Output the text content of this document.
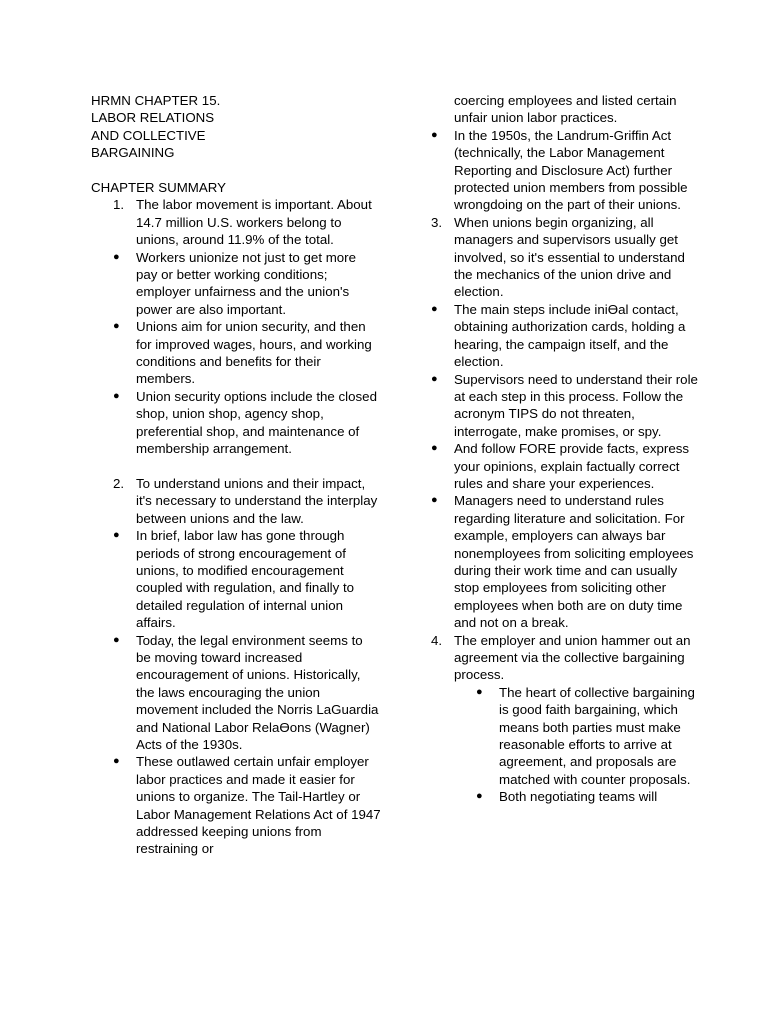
HRMN CHAPTER 15.
LABOR RELATIONS
AND COLLECTIVE
BARGAINING

CHAPTER SUMMARY

1. The labor movement is important. About 14.7 million U.S. workers belong to unions, around 11.9% of the total.
● Workers unionize not just to get more pay or better working conditions; employer unfairness and the union's power are also important.
● Unions aim for union security, and then for improved wages, hours, and working conditions and benefits for their members.
● Union security options include the closed shop, union shop, agency shop, preferential shop, and maintenance of membership arrangement.
2. To understand unions and their impact, it's necessary to understand the interplay between unions and the law.
● In brief, labor law has gone through periods of strong encouragement of unions, to modified encouragement coupled with regulation, and finally to detailed regulation of internal union affairs.
● Today, the legal environment seems to be moving toward increased encouragement of unions. Historically, the laws encouraging the union movement included the Norris LaGuardia and National Labor RelaƟons (Wagner) Acts of the 1930s.
● These outlawed certain unfair employer labor practices and made it easier for unions to organize. The Tail-Hartley or Labor Management Relations Act of 1947 addressed keeping unions from restraining or

coercing employees and listed certain unfair union labor practices.

● In the 1950s, the Landrum-Griffin Act (technically, the Labor Management Reporting and Disclosure Act) further protected union members from possible wrongdoing on the part of their unions.
3. When unions begin organizing, all managers and supervisors usually get involved, so it's essential to understand the mechanics of the union drive and election.
● The main steps include iniƟal contact, obtaining authorization cards, holding a hearing, the campaign itself, and the election.
● Supervisors need to understand their role at each step in this process. Follow the acronym TIPS do not threaten, interrogate, make promises, or spy.
● And follow FORE provide facts, express your opinions, explain factually correct rules and share your experiences.
● Managers need to understand rules regarding literature and solicitation. For example, employers can always bar nonemployees from soliciting employees during their work time and can usually stop employees from soliciting other employees when both are on duty time and not on a break.
4. The employer and union hammer out an agreement via the collective bargaining process.
● The heart of collective bargaining is good faith bargaining, which means both parties must make reasonable efforts to arrive at agreement, and proposals are matched with counter proposals.
● Both negotiating teams will
